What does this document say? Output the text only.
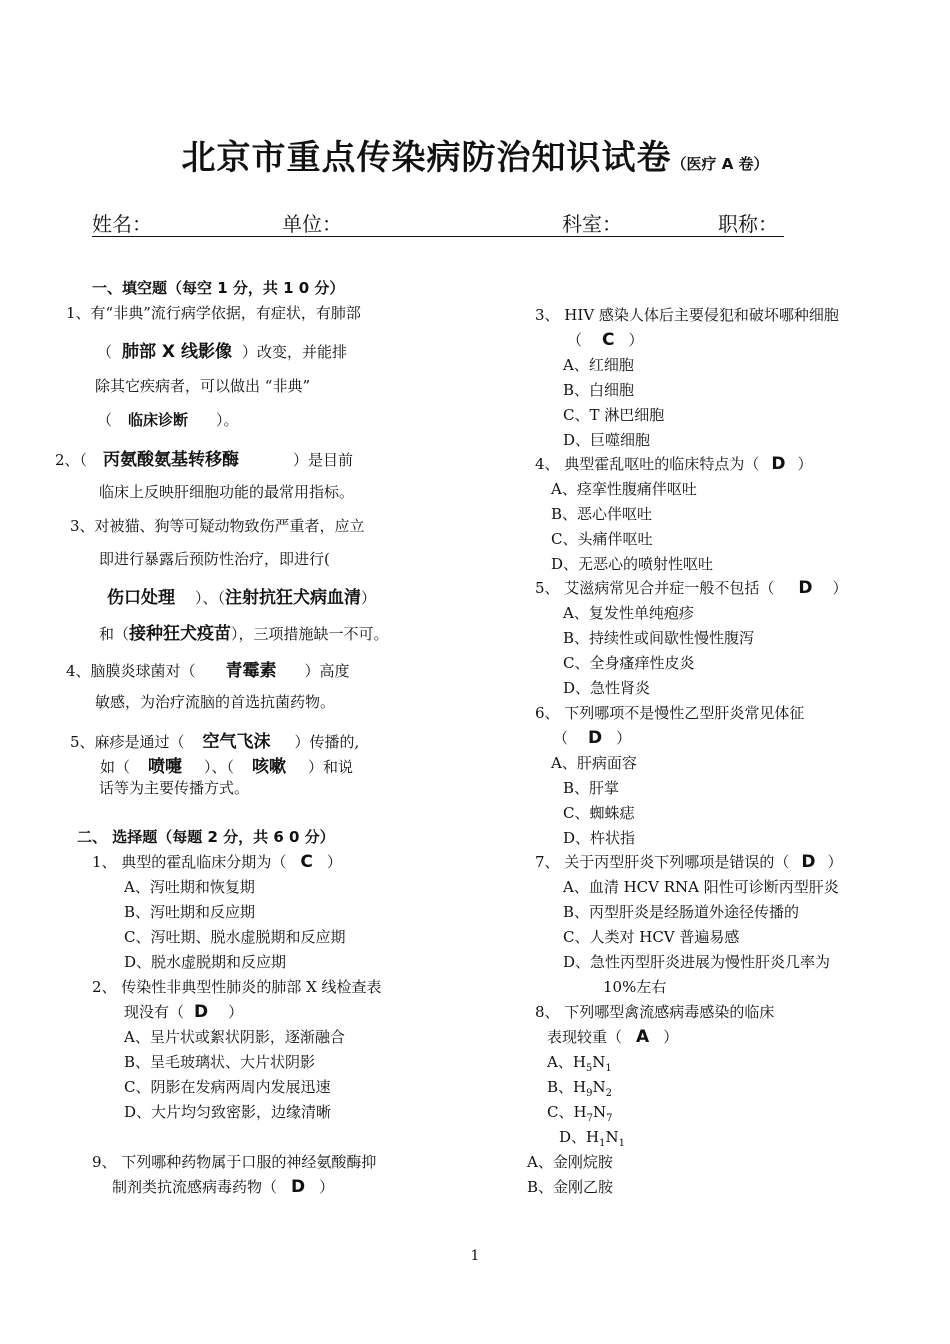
北京市重点传染病防治知识试卷（医疗 A 卷）
姓名：	单位：	科室：	职称：
一、填空题（每空 1 分，共 1 0 分）
1、有“非典”流行病学依据，有症状，有肺部
（ 肺部 X 线影像 ）改变，并能排
除其它疾病者，可以做出 “非典”
（ 临床诊断 ）。
2、（ 丙氨酸氨基转移酶	）是目前
临床上反映肝细胞功能的最常用指标。
3、对被猫、狗等可疑动物致伤严重者，应立
即进行暴露后预防性治疗，即进行(
伤口处理 ）、（注射抗狂犬病血清）
和（接种狂犬疫苗），三项措施缺一不可。
4、脑膜炎球菌对（ 青霉素 ）高度
敏感，为治疗流脑的首选抗菌药物。
5、麻疹是通过（ 空气飞沫 ）传播的,
如（ 喷嚏 ）、（ 咳嗽 ）和说
话等为主要传播方式。
二、 选择题（每题 2 分，共 6 0 分）
1、 典型的霍乱临床分期为（ C ）
A、泻吐期和恢复期
B、泻吐期和反应期
C、泻吐期、脱水虚脱期和反应期
D、脱水虚脱期和反应期
2、 传染性非典型性肺炎的肺部 X 线检查表
现没有（ D ）
A、呈片状或絮状阴影，逐渐融合
B、呈毛玻璃状、大片状阴影
C、阴影在发病两周内发展迅速
D、大片均匀致密影，边缘清晰
9、 下列哪种药物属于口服的神经氨酸酶抑
制剂类抗流感病毒药物（ D ）
3、 HIV 感染人体后主要侵犯和破坏哪种细胞
（ C ）
A、红细胞
B、白细胞
C、T 淋巴细胞
D、巨噬细胞
4、 典型霍乱呕吐的临床特点为（ D ）
A、痉挛性腹痛伴呕吐
B、恶心伴呕吐
C、头痛伴呕吐
D、无恶心的喷射性呕吐
5、 艾滋病常见合并症一般不包括（ D ）
A、复发性单纯疱疹
B、持续性或间歇性慢性腹泻
C、全身瘙痒性皮炎
D、急性肾炎
6、 下列哪项不是慢性乙型肝炎常见体征
（ D ）
A、肝病面容
B、肝掌
C、蜘蛛痣
D、杵状指
7、 关于丙型肝炎下列哪项是错误的（ D ）
A、血清 HCV RNA 阳性可诊断丙型肝炎
B、丙型肝炎是经肠道外途径传播的
C、人类对 HCV 普遍易感
D、急性丙型肝炎进展为慢性肝炎几率为
10%左右
8、 下列哪型禽流感病毒感染的临床
表现较重（ A ）
A、$H_5N_1$
B、$H_9N_2$
C、$H_7N_7$
D、$H_1N_1$
A、金刚烷胺
B、金刚乙胺
1
